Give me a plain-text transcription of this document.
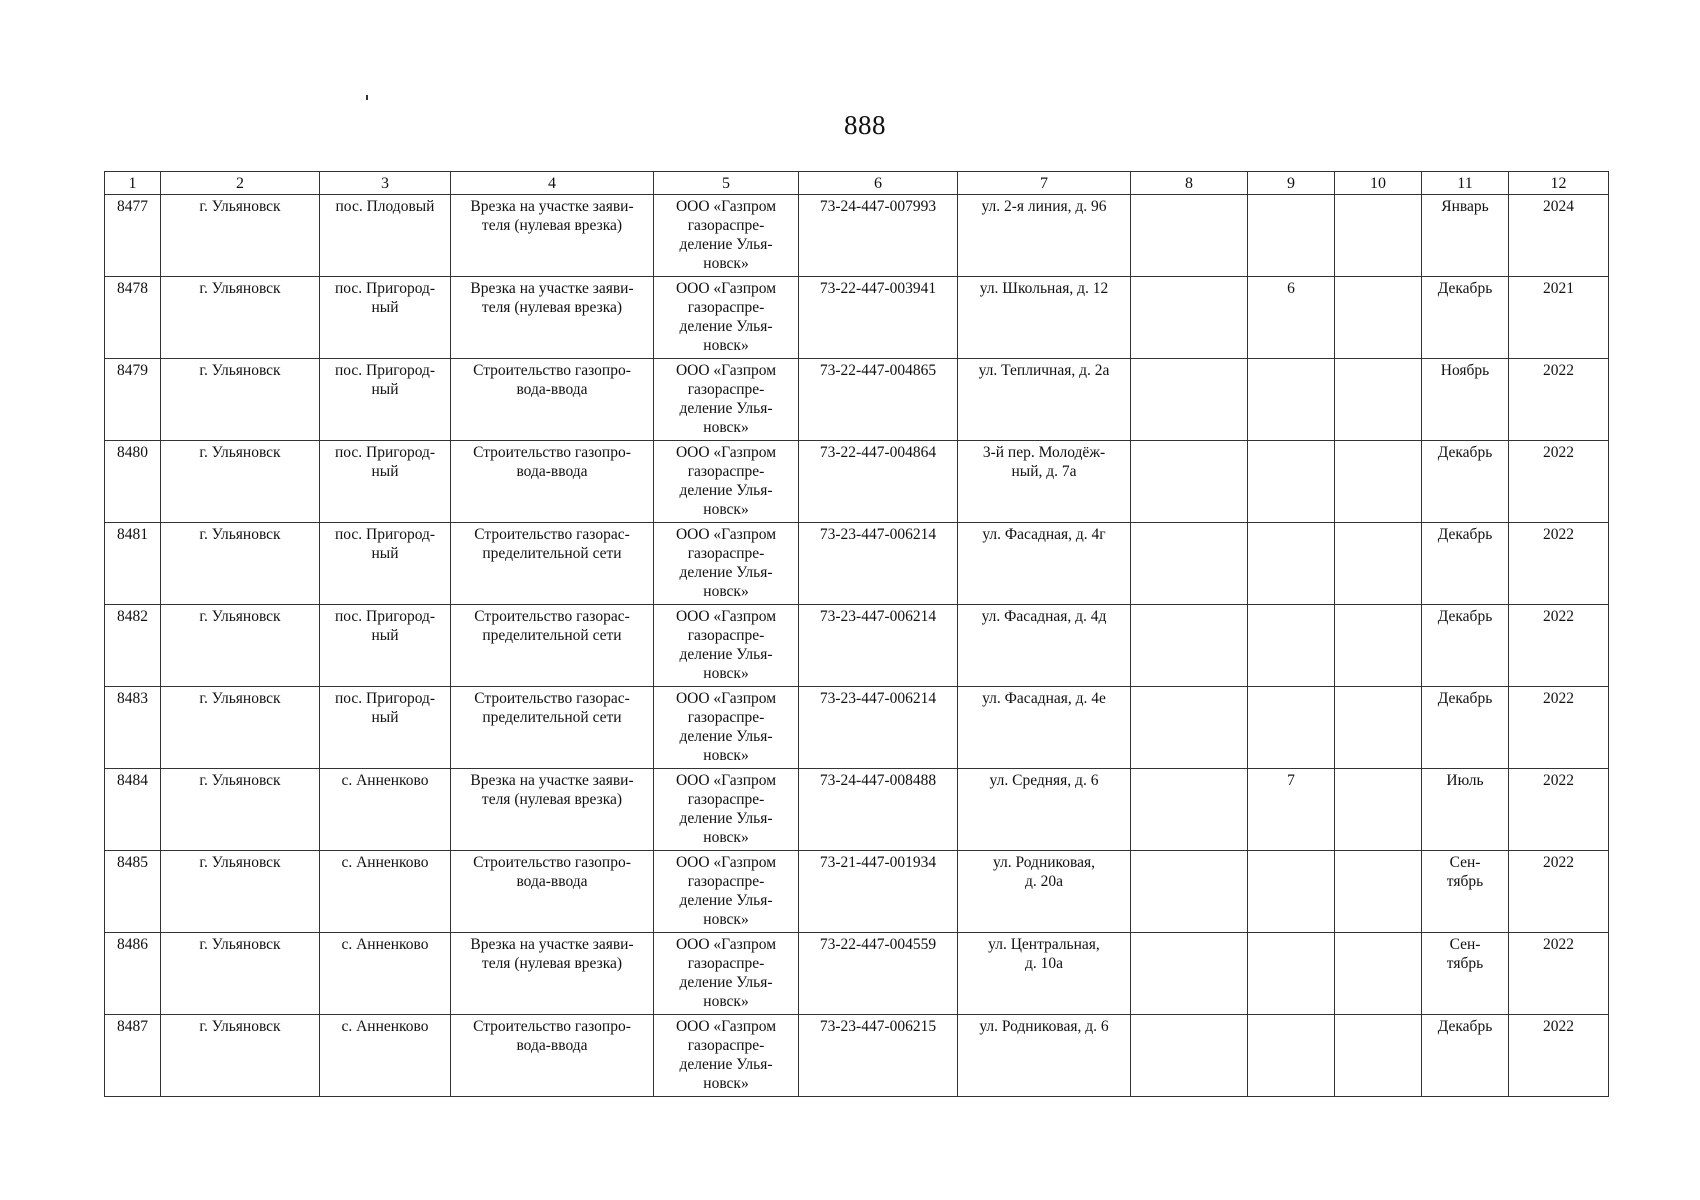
888
1	2	3	4	5	6	7	8	9	10	11	12
8477	г. Ульяновск	пос. Плодовый	Врезка на участке заяви-
теля (нулевая врезка)	ООО «Газпром
газораспре-
деление Улья-
новск»	73-24-447-007993	ул. 2-я линия, д. 96				Январь	2024
8478	г. Ульяновск	пос. Пригород-
ный	Врезка на участке заяви-
теля (нулевая врезка)	ООО «Газпром
газораспре-
деление Улья-
новск»	73-22-447-003941	ул. Школьная, д. 12		6		Декабрь	2021
8479	г. Ульяновск	пос. Пригород-
ный	Строительство газопро-
вода-ввода	ООО «Газпром
газораспре-
деление Улья-
новск»	73-22-447-004865	ул. Тепличная, д. 2а				Ноябрь	2022
8480	г. Ульяновск	пос. Пригород-
ный	Строительство газопро-
вода-ввода	ООО «Газпром
газораспре-
деление Улья-
новск»	73-22-447-004864	3-й пер. Молодёж-
ный, д. 7а				Декабрь	2022
8481	г. Ульяновск	пос. Пригород-
ный	Строительство газорас-
пределительной сети	ООО «Газпром
газораспре-
деление Улья-
новск»	73-23-447-006214	ул. Фасадная, д. 4г				Декабрь	2022
8482	г. Ульяновск	пос. Пригород-
ный	Строительство газорас-
пределительной сети	ООО «Газпром
газораспре-
деление Улья-
новск»	73-23-447-006214	ул. Фасадная, д. 4д				Декабрь	2022
8483	г. Ульяновск	пос. Пригород-
ный	Строительство газорас-
пределительной сети	ООО «Газпром
газораспре-
деление Улья-
новск»	73-23-447-006214	ул. Фасадная, д. 4е				Декабрь	2022
8484	г. Ульяновск	с. Анненково	Врезка на участке заяви-
теля (нулевая врезка)	ООО «Газпром
газораспре-
деление Улья-
новск»	73-24-447-008488	ул. Средняя, д. 6		7		Июль	2022
8485	г. Ульяновск	с. Анненково	Строительство газопро-
вода-ввода	ООО «Газпром
газораспре-
деление Улья-
новск»	73-21-447-001934	ул. Родниковая,
д. 20а				Сен-
тябрь	2022
8486	г. Ульяновск	с. Анненково	Врезка на участке заяви-
теля (нулевая врезка)	ООО «Газпром
газораспре-
деление Улья-
новск»	73-22-447-004559	ул. Центральная,
д. 10а				Сен-
тябрь	2022
8487	г. Ульяновск	с. Анненково	Строительство газопро-
вода-ввода	ООО «Газпром
газораспре-
деление Улья-
новск»	73-23-447-006215	ул. Родниковая, д. 6				Декабрь	2022
